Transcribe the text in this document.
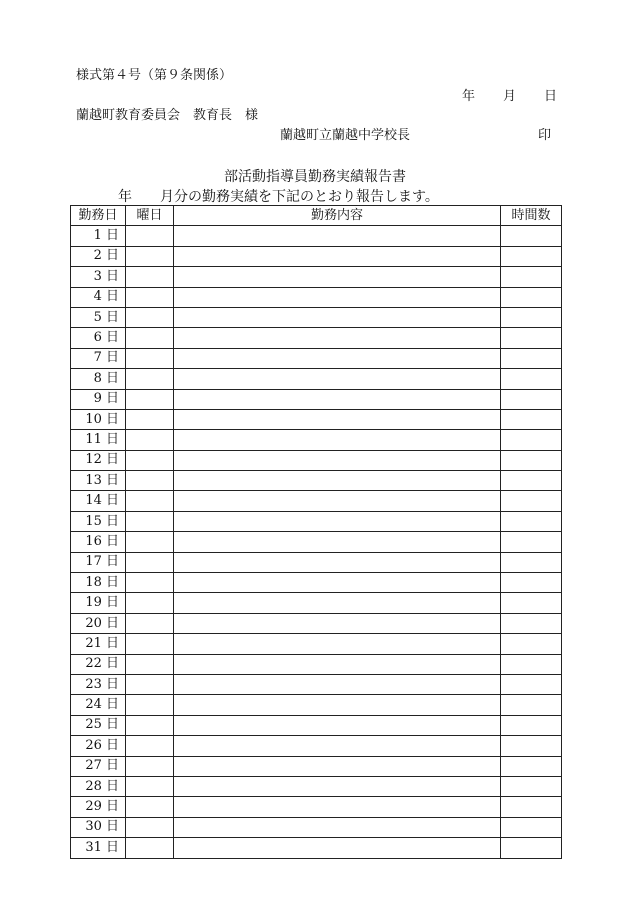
様式第４号（第９条関係）
年 月 日
蘭越町教育委員会　教育長　様
蘭越町立蘭越中学校長	印
部活動指導員勤務実績報告書
年 月分の勤務実績を下記のとおり報告します。
勤務日	曜日	勤務内容	時間数
1 日			
2 日			
3 日			
4 日			
5 日			
6 日			
7 日			
8 日			
9 日			
10 日			
11 日			
12 日			
13 日			
14 日			
15 日			
16 日			
17 日			
18 日			
19 日			
20 日			
21 日			
22 日			
23 日			
24 日			
25 日			
26 日			
27 日			
28 日			
29 日			
30 日			
31 日			
